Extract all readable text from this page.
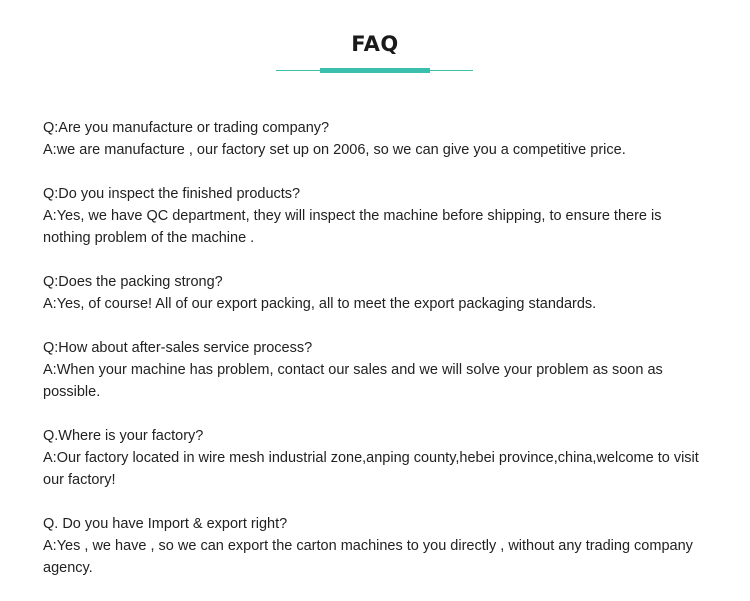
FAQ
Q:Are you manufacture or trading company?
A:we are manufacture , our factory set up on 2006, so we can give you a competitive price.
Q:Do you inspect the finished products?
A:Yes, we have QC department, they will inspect the machine before shipping, to ensure there is nothing problem of the machine .
Q:Does the packing strong?
A:Yes, of course! All of our export packing, all to meet the export packaging standards.
Q:How about after-sales service process?
A:When your machine has problem, contact our sales and we will solve your problem as soon as possible.
Q.Where is your factory?
A:Our factory located in wire mesh industrial zone,anping county,hebei province,china,welcome to visit our factory!
Q. Do you have Import & export right?
A:Yes , we have , so we can export the carton machines to you directly , without any trading company agency.
